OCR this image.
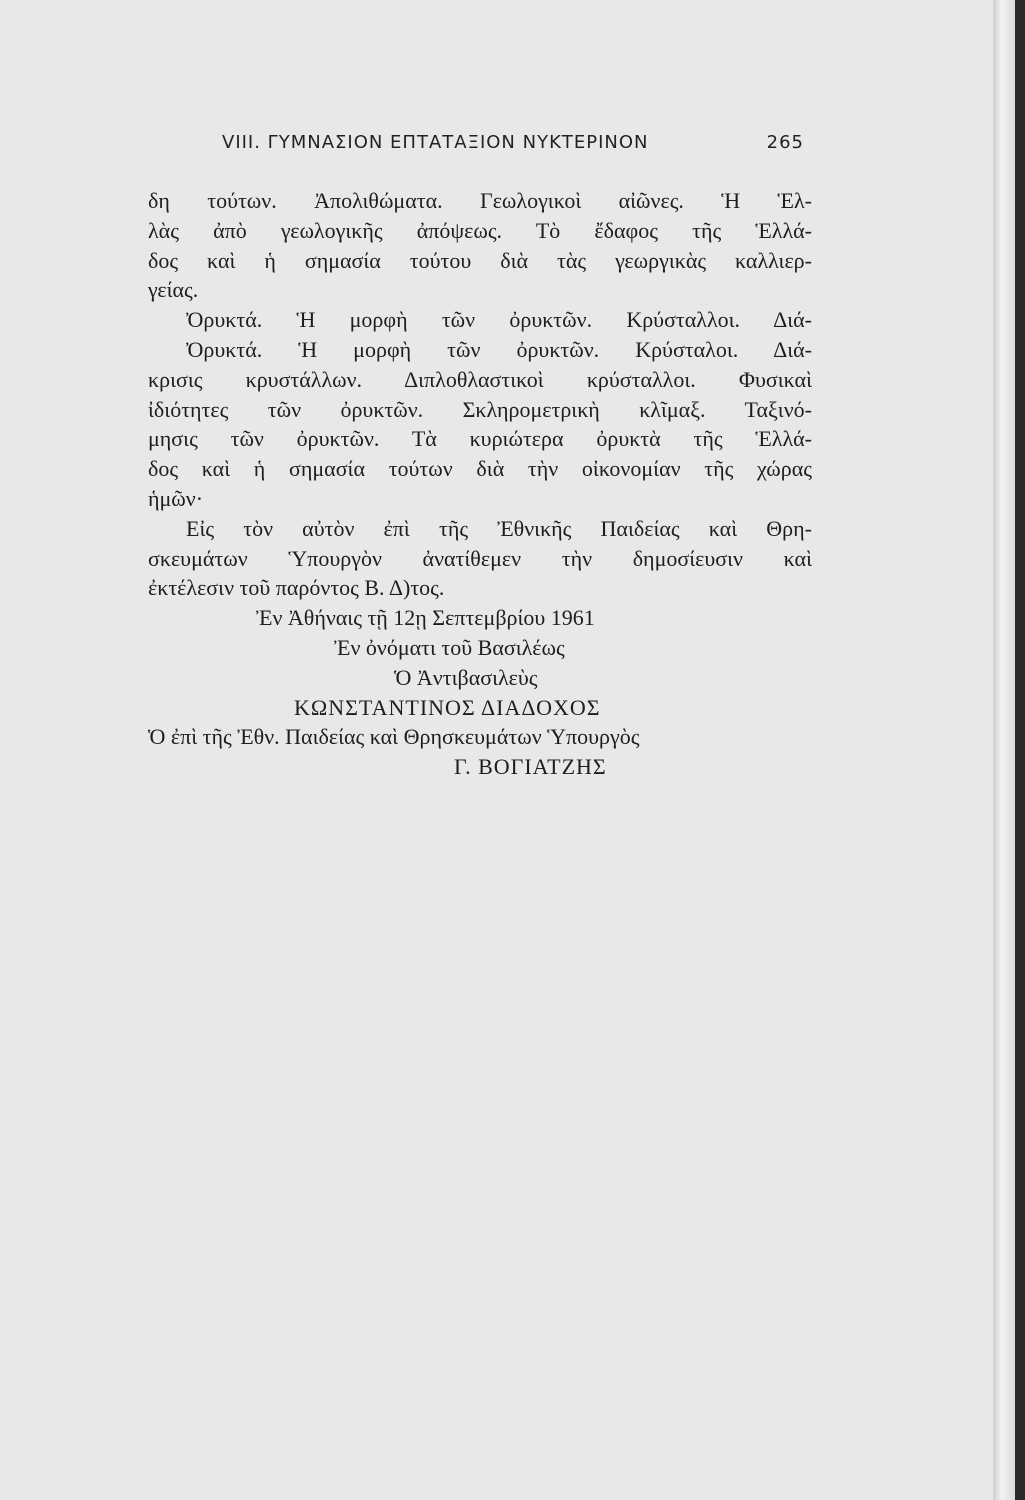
VIII. ΓΥΜΝΑΣΙΟΝ ΕΠΤΑΤΑΞΙΟΝ ΝΥΚΤΕΡΙΝΟΝ	265
δη τούτων. Ἀπολιθώματα. Γεωλογικοὶ αἰῶνες. Ἡ Ἑλ-
λὰς ἀπὸ γεωλογικῆς ἀπόψεως. Τὸ ἔδαφος τῆς Ἑλλά-
δος καὶ ἡ σημασία τούτου διὰ τὰς γεωργικὰς καλλιερ-
γείας.
Ὀρυκτά. Ἡ μορφὴ τῶν ὀρυκτῶν. Κρύσταλλοι. Διά-
Ὀρυκτά. Ἡ μορφὴ τῶν ὀρυκτῶν. Κρύσταλοι. Διά-
κρισις κρυστάλλων. Διπλοθλαστικοὶ κρύσταλλοι. Φυσικαὶ
ἰδιότητες τῶν ὀρυκτῶν. Σκληρομετρικὴ κλῖμαξ. Ταξινό-
μησις τῶν ὀρυκτῶν. Τὰ κυριώτερα ὀρυκτὰ τῆς Ἑλλά-
δος καὶ ἡ σημασία τούτων διὰ τὴν οἰκονομίαν τῆς χώρας
ἡμῶν·
Εἰς τὸν αὐτὸν ἐπὶ τῆς Ἐθνικῆς Παιδείας καὶ Θρη-
σκευμάτων Ὑπουργὸν ἀνατίθεμεν τὴν δημοσίευσιν καὶ
ἐκτέλεσιν τοῦ παρόντος Β. Δ)τος.
Ἐν Ἀθήναις τῇ 12ῃ Σεπτεμβρίου 1961
Ἐν ὀνόματι τοῦ Βασιλέως
Ὁ Ἀντιβασιλεὺς
ΚΩΝΣΤΑΝΤΙΝΟΣ ΔΙΑΔΟΧΟΣ
Ὁ ἐπὶ τῆς Ἐθν. Παιδείας καὶ Θρησκευμάτων Ὑπουργὸς
Γ. ΒΟΓΙΑΤΖΗΣ
